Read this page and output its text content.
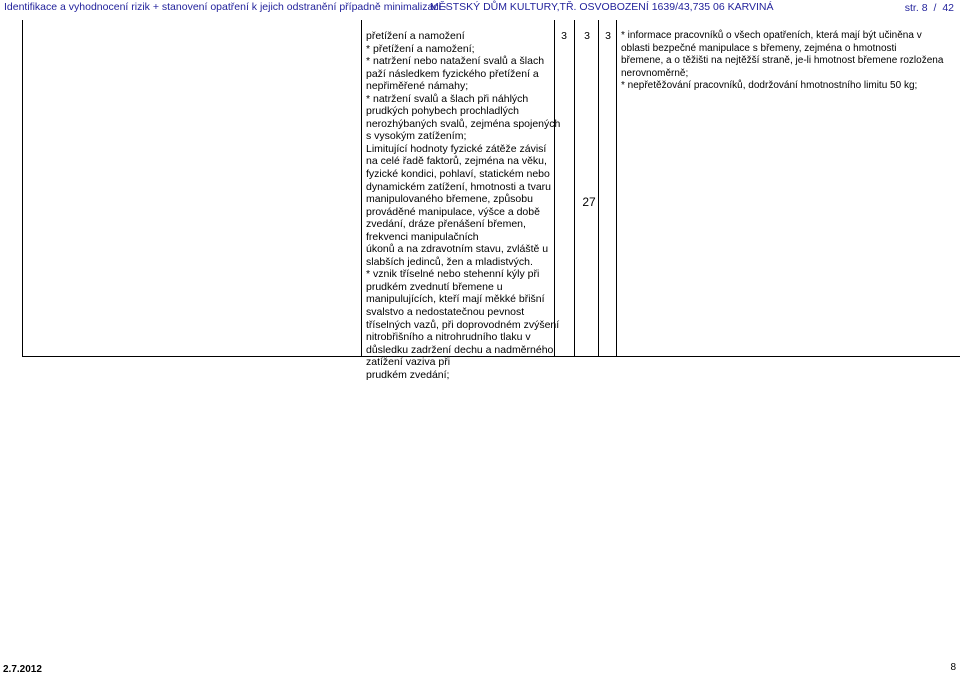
Identifikace a vyhodnocení rizik + stanovení opatření k jejich odstranění případně minimalizaci -
MĚSTSKÝ DŮM KULTURY,TŘ. OSVOBOZENÍ 1639/43,735 06 KARVINÁ	str. 8 / 42
přetížení a namožení
* přetížení a namožení;
* natržení nebo natažení svalů a šlach
paží následkem fyzického přetížení a
nepřiměřené námahy;
* natržení svalů a šlach při náhlých
prudkých pohybech prochladlých
nerozhýbaných svalů, zejména spojených
s vysokým zatížením;
Limitující hodnoty fyzické zátěže závisí
na celé řadě faktorů, zejména na věku,
fyzické kondici, pohlaví, statickém nebo
dynamickém zatížení, hmotnosti a tvaru
manipulovaného břemene, způsobu
prováděné manipulace, výšce a době
zvedání, dráze přenášení břemen,
frekvenci manipulačních
úkonů a na zdravotním stavu, zvláště u
slabších jedinců, žen a mladistvých.
* vznik tříselné nebo stehenní kýly při
prudkém zvednutí břemene u
manipulujících, kteří mají měkké břišní
svalstvo a nedostatečnou pevnost
tříselných vazů, při doprovodném zvýšení
nitrobřišního a nitrohrudního tlaku v
důsledku zadržení dechu a nadměrného
zatížení vaziva při
prudkém zvedání;
3 3 3
27
* informace pracovníků o všech opatřeních, která mají být učiněna v
oblasti bezpečné manipulace s břemeny, zejména o hmotnosti
břemene, a o těžišti na nejtěžší straně, je-li hmotnost břemene rozložena
nerovnoměrně;
* nepřetěžování pracovníků, dodržování hmotnostního limitu 50 kg;
2.7.2012	8
